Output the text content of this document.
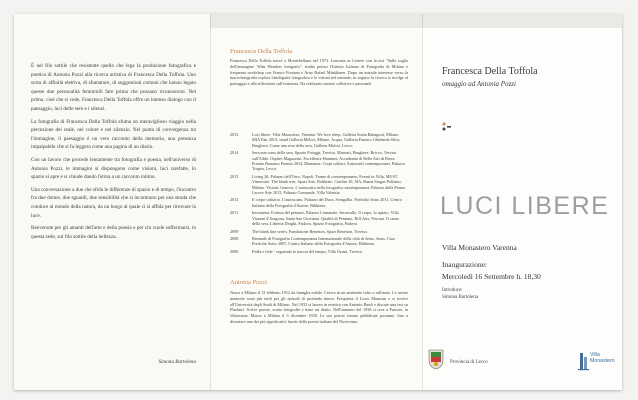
È nel filo sottile che resistente quello che lega la produzione fotografica e poetica di Antonia Pozzi alla ricerca artistica di Francesca Della Toffola. Uno sorta di affinità elettiva, di sfumature, di suggestioni comuni che hanno legato queste due personalità femminili fare prima che possano riconoscersi. Nel primo, cioè che si vede, Francesca Della Toffola offre un intenso dialogo con il paesaggio, luci delle sere e i silenzi.

La fotografia di Francesca Della Toffola sfuma un meraviglioso viaggio nella percezione del reale, nel colore e nel silenzio. Nel punto di convergenza tra l'immagine, il paesaggio è un vero racconto della memoria, una presenza impalpabile che si fa leggera come una pagina di un diario.

Con un lavoro che procede lentamente tra fotografia e poesia, nell'universo di Antonia Pozzi, le immagini si dispongono come visioni, luci rarefatte, lo spazio si apre e si chiude dando forma a un racconto intimo.

Una conversazione a due che sfida le differenze di spazio e di tempo, l'incontro fra due donne, due sguardi, due sensibilità che si incontrano per una strada che conduce al mondo della natura, da un luogo al quale ci si affida per ritrovare la luce.

Benvenute per gli amanti dell'arte e della poesia e per chi vuole soffermarsi, in questa sede, sul filo sottile della bellezza.

Simona Bartolena
Francesca Della Toffola
Francesca Della Toffola nasce a Montebelluna nel 1973. Laureata in Lettere con la tesi "Sulla soglia dell'immagine. Wim Wenders fotografo", studia presso l'Istituto Italiano di Fotografia di Milano e frequenta workshop con Franco Fontana e Arno Rafael Minkkinen. Dopo un iniziale interesse verso la macrofotografia esplora l'ambiguità fotografica e le visioni nel naturale, in seguito la ricerca si rivolge al paesaggio e alla riflessione sull'esistenza. Ha realizzato mostre collettive e personali.
2013	Luci libere, Villa Monastero, Varenna. We love sleep, Galleria Sonia Rabagioti, Milano. MIA Fair 2013, stand Galleria Melori, Milano. Acqua, Galleria Fumaro Ghirlanda Silva, Brughera. Come una rosa della sera, Galleria Molori, Lecco.
2014	Sera non sono della sera, Spazio Fotoggi, Treviso. Mancati, Brughera. Bricco, Treviso sull'Adda. Ospites Magazzini. Excellence Hammer, Accademia di Belle Arti di Brera. Premio Bonomo Premio 2014, Diamante. Corpi solitari. Autoscatti contemporanei, Palazzo Tropea, Lecco.
2015	Living 26, Palazzo dell'Orso, Napoli. Trame di contemporaneo, Eventi in Villa, MUST, Vimercate. The blank tree, Spazi Arte, Robbiate. Confini 10, SIA, Ruma Stagus Politano, Milano. Visioni, Genova. L'autoscatto nella fotografia contemporanea, Palazzo della Penna. Lecore Arte 2015, Palazzo Comunale, Villa Valentia.
2012	Il corpo solitario. L'autoscatto, Palazzo del Duca, Senigallia. Portfolio Sotto 2011, Centro Italiano della Fotografia d'Autore, Bibbiena.
2011	Incontemi, Il ritmo del pensare, Palazzo Comunale, Serravalle. Il corpo, lo spazio, Villa Vianoni d'Aragona, Santa San Giovanni. Qualità di Pennuto, Riff Arts, Pescara. Il canto della sera, Libreria Draghi, Padova. Spazio Fotografia, Padova.
2009	The blank line series, Fondazione Benetton, Spazi Benetton, Treviso.
2008	Biennale di Fotografia Contemporanea Internazionale della città di Jesus, Jesus. Ciao Portfolio Sotto 2007, Centro Italiano della Fotografia d'Autore, Bibbiena.
2006	Fedla e fede - seguendo la traccia del tempo, Villa Orsini, Treviso.
Antonia Pozzi
Nasce a Milano il 13 febbraio 1912 da famiglia nobile. Cresce in un ambiente colto e raffinato. Le nostre memorie sono più tardi per gli episodi di profonda intesa. Frequenta il Liceo Manzoni e si iscrive all'Università degli Studi di Milano. Nel 1933 si laurea in estetica con Antonio Banfi e discute una tesi su Flaubert. Scrive poesie, scatta fotografie e tiene un diario. Nell'autunno del 1938 si reca a Pasturo, in Valsassina. Muore a Milano il 3 dicembre 1938. Le sue poesie furono pubblicate postume, fino a diventare uno dei più significativi lasciti della poesia italiana del Novecento.
Francesca Della Toffola
omaggio ad Antonia Pozzi
LUCI LIBERE
Villa Monastero Varenna
Inaugurazione:
Mercoledì 16 Settembre h. 18,30
Introduce:
Simona Bartolena
Provincia di Lecco
Villa
Monastero
